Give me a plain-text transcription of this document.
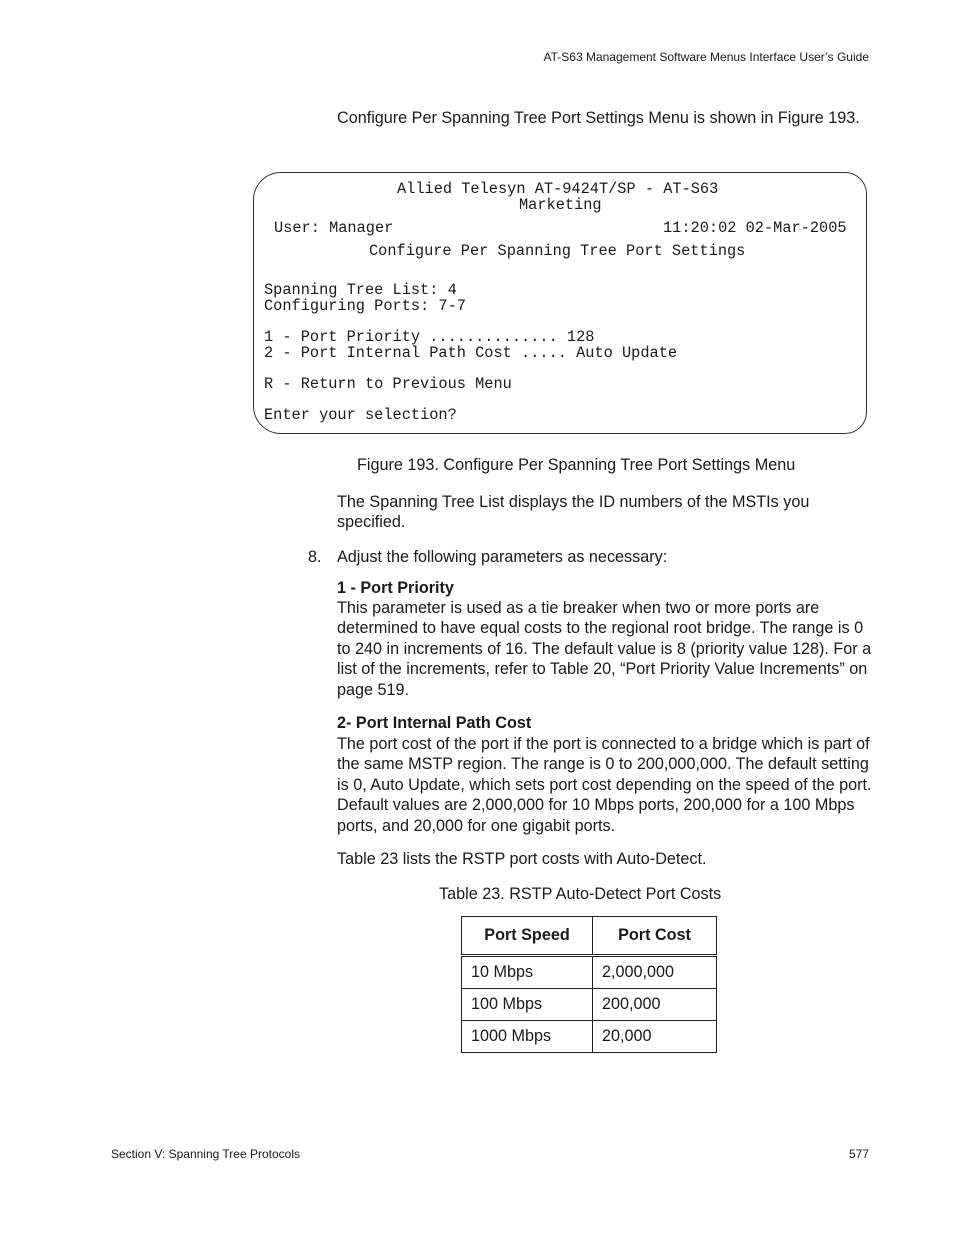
AT-S63 Management Software Menus Interface User’s Guide
Configure Per Spanning Tree Port Settings Menu is shown in Figure 193.
Allied Telesyn AT-9424T/SP - AT-S63
Marketing
User: Manager	11:20:02 02-Mar-2005
Configure Per Spanning Tree Port Settings
Spanning Tree List: 4
Configuring Ports: 7-7
1 - Port Priority .............. 128
2 - Port Internal Path Cost ..... Auto Update
R - Return to Previous Menu
Enter your selection?
Figure 193. Configure Per Spanning Tree Port Settings Menu
The Spanning Tree List displays the ID numbers of the MSTIs you specified.
8. Adjust the following parameters as necessary:
1 - Port Priority
This parameter is used as a tie breaker when two or more ports are determined to have equal costs to the regional root bridge. The range is 0 to 240 in increments of 16. The default value is 8 (priority value 128). For a list of the increments, refer to Table 20, “Port Priority Value Increments” on page 519.
2- Port Internal Path Cost
The port cost of the port if the port is connected to a bridge which is part of the same MSTP region. The range is 0 to 200,000,000. The default setting is 0, Auto Update, which sets port cost depending on the speed of the port. Default values are 2,000,000 for 10 Mbps ports, 200,000 for a 100 Mbps ports, and 20,000 for one gigabit ports.
Table 23 lists the RSTP port costs with Auto-Detect.
Table 23. RSTP Auto-Detect Port Costs
Port Speed	Port Cost
10 Mbps	2,000,000
100 Mbps	200,000
1000 Mbps	20,000
Section V: Spanning Tree Protocols	577
